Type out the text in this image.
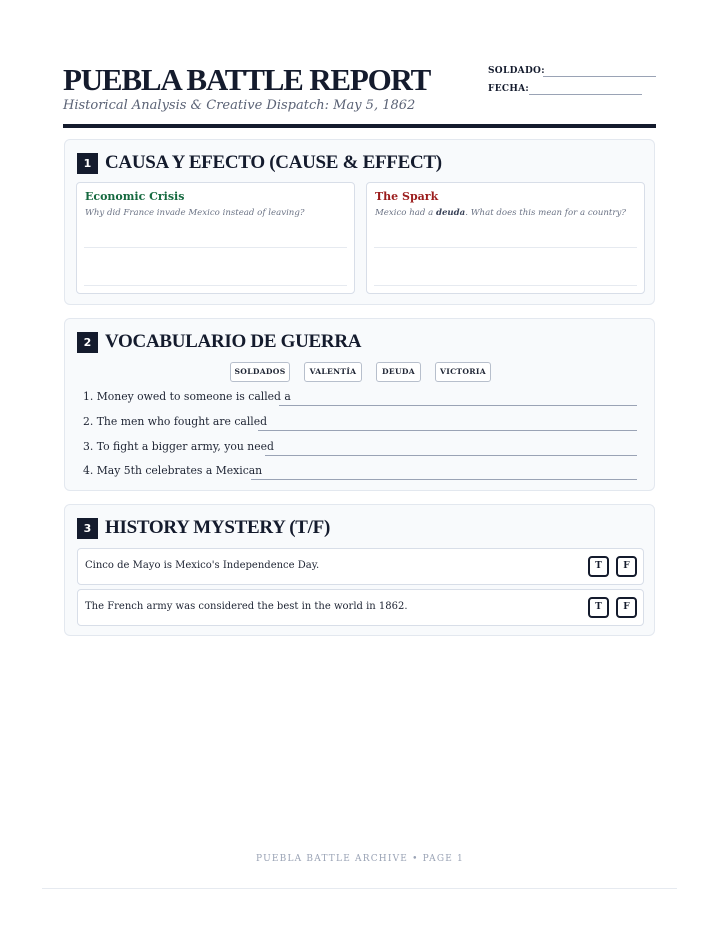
PUEBLA BATTLE REPORT
Historical Analysis & Creative Dispatch: May 5, 1862
SOLDADO:
FECHA:
1 CAUSA Y EFECTO (CAUSE & EFFECT)
Economic Crisis
Why did France invade Mexico instead of leaving?
The Spark
Mexico had a deuda. What does this mean for a country?
2 VOCABULARIO DE GUERRA
SOLDADOS	VALENTÍA	DEUDA	VICTORIA
1. Money owed to someone is called a
2. The men who fought are called
3. To fight a bigger army, you need
4. May 5th celebrates a Mexican
3 HISTORY MYSTERY (T/F)
Cinco de Mayo is Mexico's Independence Day.	T	F
The French army was considered the best in the world in 1862.	T	F
PUEBLA BATTLE ARCHIVE • PAGE 1
